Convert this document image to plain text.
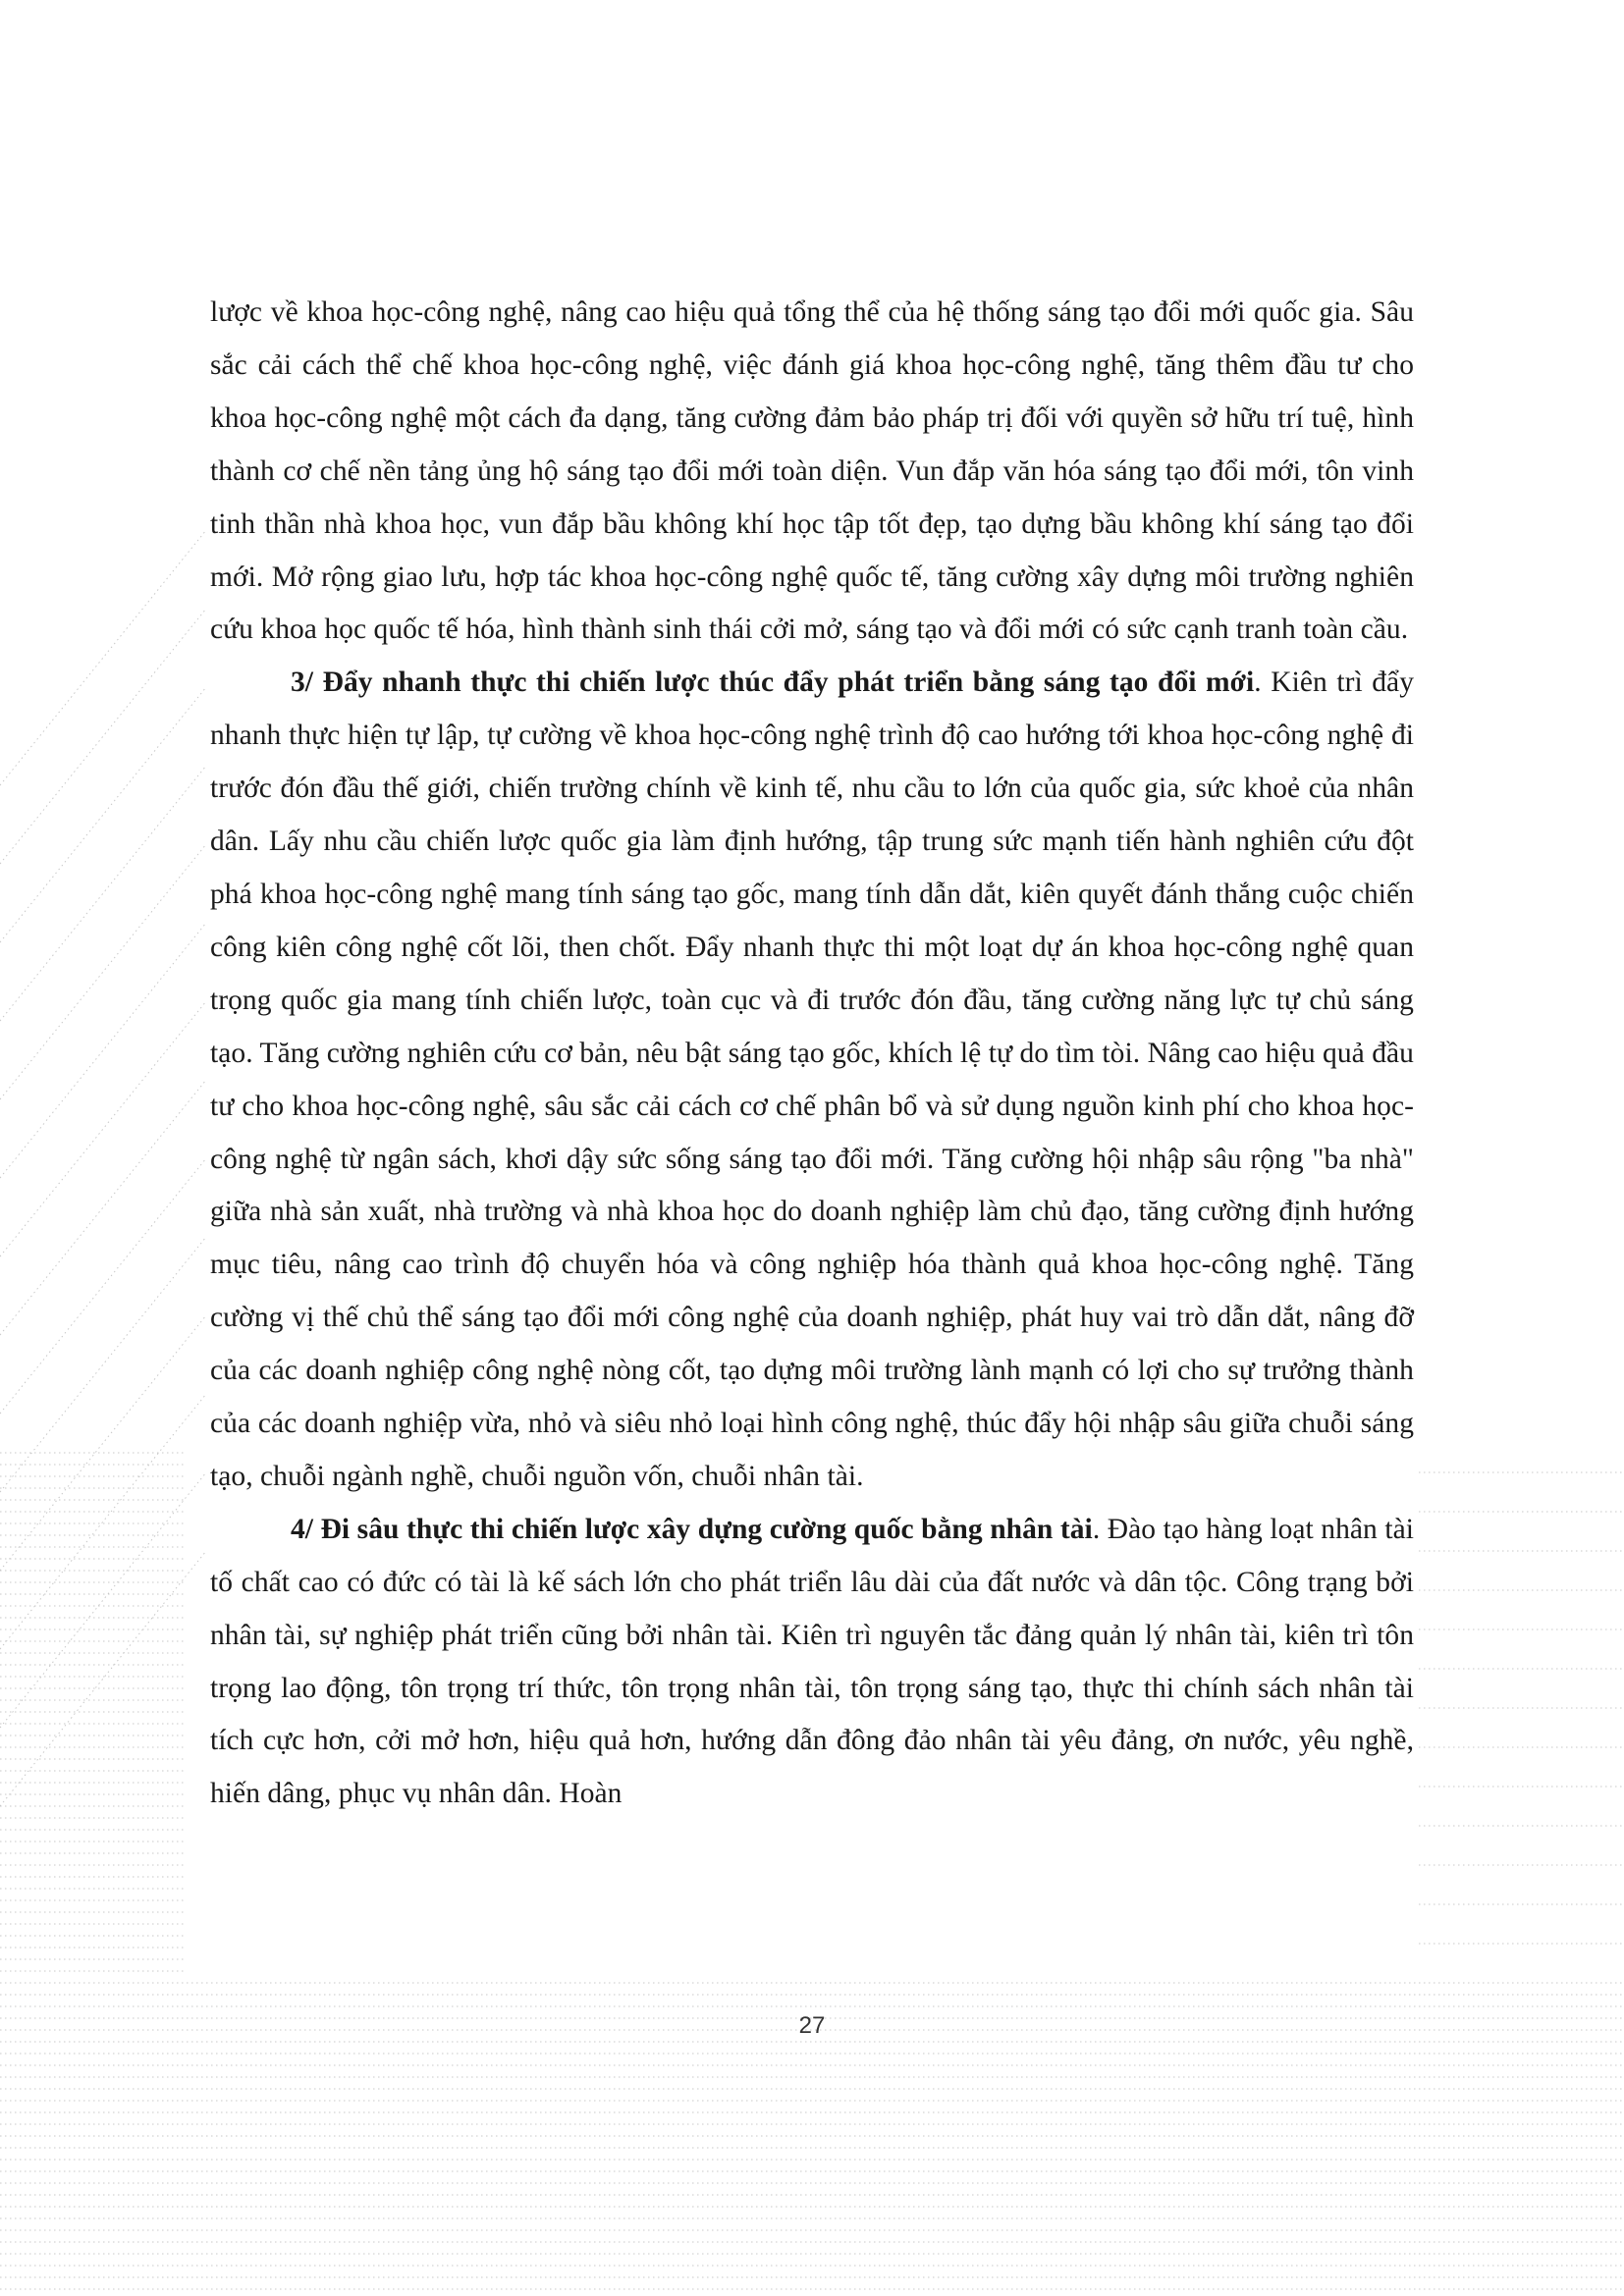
lược về khoa học-công nghệ, nâng cao hiệu quả tổng thể của hệ thống sáng tạo đổi mới quốc gia. Sâu sắc cải cách thể chế khoa học-công nghệ, việc đánh giá khoa học-công nghệ, tăng thêm đầu tư cho khoa học-công nghệ một cách đa dạng, tăng cường đảm bảo pháp trị đối với quyền sở hữu trí tuệ, hình thành cơ chế nền tảng ủng hộ sáng tạo đổi mới toàn diện. Vun đắp văn hóa sáng tạo đổi mới, tôn vinh tinh thần nhà khoa học, vun đắp bầu không khí học tập tốt đẹp, tạo dựng bầu không khí sáng tạo đổi mới. Mở rộng giao lưu, hợp tác khoa học-công nghệ quốc tế, tăng cường xây dựng môi trường nghiên cứu khoa học quốc tế hóa, hình thành sinh thái cởi mở, sáng tạo và đổi mới có sức cạnh tranh toàn cầu.

3/ Đẩy nhanh thực thi chiến lược thúc đẩy phát triển bằng sáng tạo đổi mới. Kiên trì đẩy nhanh thực hiện tự lập, tự cường về khoa học-công nghệ trình độ cao hướng tới khoa học-công nghệ đi trước đón đầu thế giới, chiến trường chính về kinh tế, nhu cầu to lớn của quốc gia, sức khoẻ của nhân dân. Lấy nhu cầu chiến lược quốc gia làm định hướng, tập trung sức mạnh tiến hành nghiên cứu đột phá khoa học-công nghệ mang tính sáng tạo gốc, mang tính dẫn dắt, kiên quyết đánh thắng cuộc chiến công kiên công nghệ cốt lõi, then chốt. Đẩy nhanh thực thi một loạt dự án khoa học-công nghệ quan trọng quốc gia mang tính chiến lược, toàn cục và đi trước đón đầu, tăng cường năng lực tự chủ sáng tạo. Tăng cường nghiên cứu cơ bản, nêu bật sáng tạo gốc, khích lệ tự do tìm tòi. Nâng cao hiệu quả đầu tư cho khoa học-công nghệ, sâu sắc cải cách cơ chế phân bổ và sử dụng nguồn kinh phí cho khoa học-công nghệ từ ngân sách, khơi dậy sức sống sáng tạo đổi mới. Tăng cường hội nhập sâu rộng "ba nhà" giữa nhà sản xuất, nhà trường và nhà khoa học do doanh nghiệp làm chủ đạo, tăng cường định hướng mục tiêu, nâng cao trình độ chuyển hóa và công nghiệp hóa thành quả khoa học-công nghệ. Tăng cường vị thế chủ thể sáng tạo đổi mới công nghệ của doanh nghiệp, phát huy vai trò dẫn dắt, nâng đỡ của các doanh nghiệp công nghệ nòng cốt, tạo dựng môi trường lành mạnh có lợi cho sự trưởng thành của các doanh nghiệp vừa, nhỏ và siêu nhỏ loại hình công nghệ, thúc đẩy hội nhập sâu giữa chuỗi sáng tạo, chuỗi ngành nghề, chuỗi nguồn vốn, chuỗi nhân tài.

4/ Đi sâu thực thi chiến lược xây dựng cường quốc bằng nhân tài. Đào tạo hàng loạt nhân tài tố chất cao có đức có tài là kế sách lớn cho phát triển lâu dài của đất nước và dân tộc. Công trạng bởi nhân tài, sự nghiệp phát triển cũng bởi nhân tài. Kiên trì nguyên tắc đảng quản lý nhân tài, kiên trì tôn trọng lao động, tôn trọng trí thức, tôn trọng nhân tài, tôn trọng sáng tạo, thực thi chính sách nhân tài tích cực hơn, cởi mở hơn, hiệu quả hơn, hướng dẫn đông đảo nhân tài yêu đảng, ơn nước, yêu nghề, hiến dâng, phục vụ nhân dân. Hoàn

27
